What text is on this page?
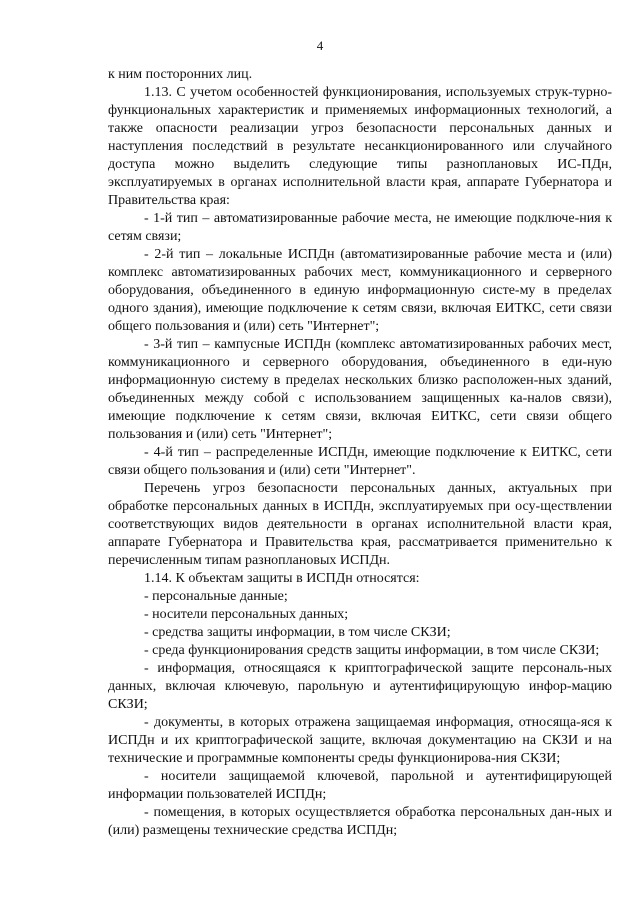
4

к ним посторонних лиц.

1.13. С учетом особенностей функционирования, используемых струк-турно-функциональных характеристик и применяемых информационных технологий, а также опасности реализации угроз безопасности персональных данных и наступления последствий в результате несанкционированного или случайного доступа можно выделить следующие типы разноплановых ИС-ПДн, эксплуатируемых в органах исполнительной власти края, аппарате Губернатора и Правительства края:

- 1-й тип – автоматизированные рабочие места, не имеющие подключе-ния к сетям связи;

- 2-й тип – локальные ИСПДн (автоматизированные рабочие места и (или) комплекс автоматизированных рабочих мест, коммуникационного и серверного оборудования, объединенного в единую информационную систе-му в пределах одного здания), имеющие подключение к сетям связи, включая ЕИТКС, сети связи общего пользования и (или) сеть "Интернет";

- 3-й тип – кампусные ИСПДн (комплекс автоматизированных рабочих мест, коммуникационного и серверного оборудования, объединенного в еди-ную информационную систему в пределах нескольких близко расположен-ных зданий, объединенных между собой с использованием защищенных ка-налов связи), имеющие подключение к сетям связи, включая ЕИТКС, сети связи общего пользования и (или) сеть "Интернет";

- 4-й тип – распределенные ИСПДн, имеющие подключение к ЕИТКС, сети связи общего пользования и (или) сети "Интернет".

Перечень угроз безопасности персональных данных, актуальных при обработке персональных данных в ИСПДн, эксплуатируемых при осу-ществлении соответствующих видов деятельности в органах исполнительной власти края, аппарате Губернатора и Правительства края, рассматривается применительно к перечисленным типам разноплановых ИСПДн.

1.14. К объектам защиты в ИСПДн относятся:

- персональные данные;

- носители персональных данных;

- средства защиты информации, в том числе СКЗИ;

- среда функционирования средств защиты информации, в том числе СКЗИ;

- информация, относящаяся к криптографической защите персональ-ных данных, включая ключевую, парольную и аутентифицирующую инфор-мацию СКЗИ;

- документы, в которых отражена защищаемая информация, относяща-яся к ИСПДн и их криптографической защите, включая документацию на СКЗИ и на технические и программные компоненты среды функционирова-ния СКЗИ;

- носители защищаемой ключевой, парольной и аутентифицирующей информации пользователей ИСПДн;

- помещения, в которых осуществляется обработка персональных дан-ных и (или) размещены технические средства ИСПДн;
